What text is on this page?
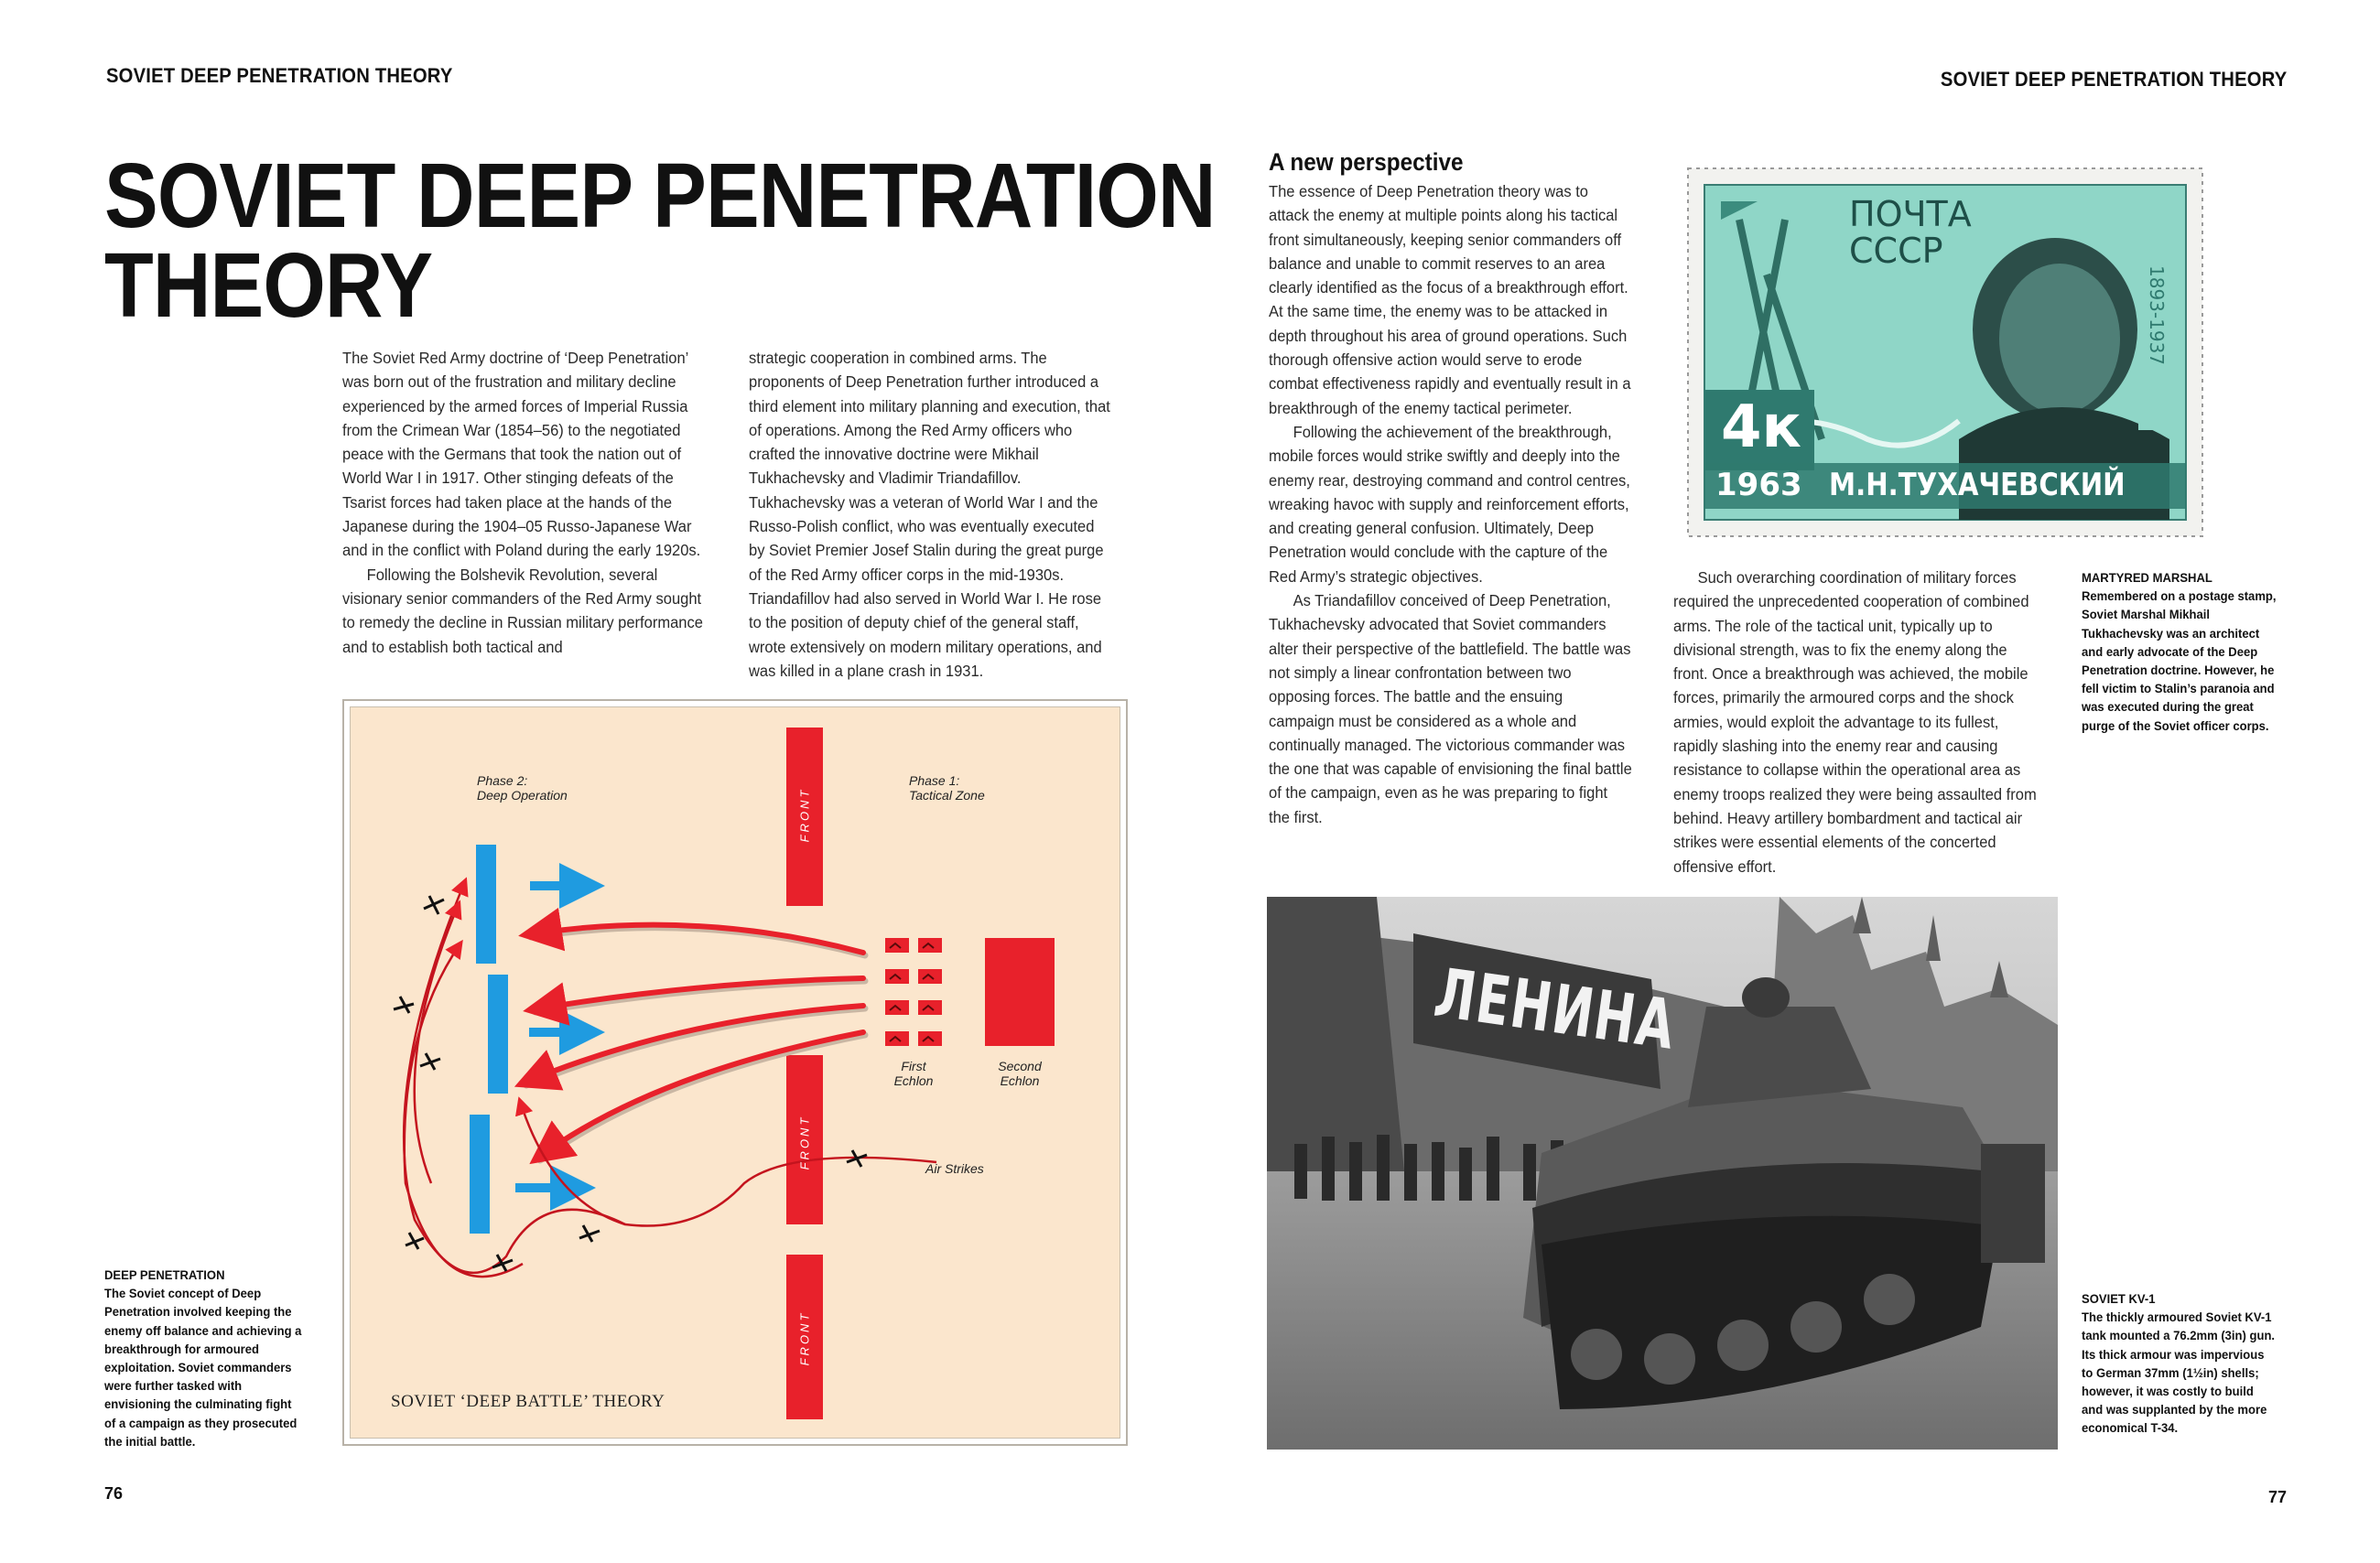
SOVIET DEEP PENETRATION THEORY	SOVIET DEEP PENETRATION THEORY
SOVIET DEEP PENETRATION
THEORY

The Soviet Red Army doctrine of ‘Deep Penetration’ was born out of the frustration and military decline experienced by the armed forces of Imperial Russia from the Crimean War (1854–56) to the negotiated peace with the Germans that took the nation out of World War I in 1917. Other stinging defeats of the Tsarist forces had taken place at the hands of the Japanese during the 1904–05 Russo-Japanese War and in the conflict with Poland during the early 1920s.

Following the Bolshevik Revolution, several visionary senior commanders of the Red Army sought to remedy the decline in Russian military performance and to establish both tactical and

strategic cooperation in combined arms. The proponents of Deep Penetration further introduced a third element into military planning and execution, that of operations. Among the Red Army officers who crafted the innovative doctrine were Mikhail Tukhachevsky and Vladimir Triandafillov. Tukhachevsky was a veteran of World War I and the Russo-Polish conflict, who was eventually executed by Soviet Premier Josef Stalin during the great purge of the Red Army officer corps in the mid-1930s. Triandafillov had also served in World War I. He rose to the position of deputy chief of the general staff, wrote extensively on modern military operations, and was killed in a plane crash in 1931.

Phase 2:
Deep Operation
Phase 1:
Tactical Zone
FRONT
FRONT
FRONT
First
Echlon
Second
Echlon
Air Strikes
SOVIET ‘DEEP BATTLE’ THEORY
DEEP PENETRATION
The Soviet concept of Deep Penetration involved keeping the enemy off balance and achieving a breakthrough for armoured exploitation. Soviet commanders were further tasked with envisioning the culminating fight of a campaign as they prosecuted the initial battle.
76	77
A new perspective

The essence of Deep Penetration theory was to attack the enemy at multiple points along his tactical front simultaneously, keeping senior commanders off balance and unable to commit reserves to an area clearly identified as the focus of a breakthrough effort. At the same time, the enemy was to be attacked in depth throughout his area of ground operations. Such thorough offensive action would serve to erode combat effectiveness rapidly and eventually result in a breakthrough of the enemy tactical perimeter.

Following the achievement of the breakthrough, mobile forces would strike swiftly and deeply into the enemy rear, destroying command and control centres, wreaking havoc with supply and reinforcement efforts, and creating general confusion. Ultimately, Deep Penetration would conclude with the capture of the Red Army’s strategic objectives.

As Triandafillov conceived of Deep Penetration, Tukhachevsky advocated that Soviet commanders alter their perspective of the battlefield. The battle was not simply a linear confrontation between two opposing forces. The battle and the ensuing campaign must be considered as a whole and continually managed. The victorious commander was the one that was capable of envisioning the final battle of the campaign, even as he was preparing to fight the first.

ПОЧТА
СССР
1893-1937
4к
1963 М.Н.ТУХАЧЕВСКИЙ

Such overarching coordination of military forces required the unprecedented cooperation of combined arms. The role of the tactical unit, typically up to divisional strength, was to fix the enemy along the front. Once a breakthrough was achieved, the mobile forces, primarily the armoured corps and the shock armies, would exploit the advantage to its fullest, rapidly slashing into the enemy rear and causing resistance to collapse within the operational area as enemy troops realized they were being assaulted from behind. Heavy artillery bombardment and tactical air strikes were essential elements of the concerted offensive effort.

MARTYRED MARSHAL
Remembered on a postage stamp, Soviet Marshal Mikhail Tukhachevsky was an architect and early advocate of the Deep Penetration doctrine. However, he fell victim to Stalin’s paranoia and was executed during the great purge of the Soviet officer corps.
ЛЕНИНА
SOVIET KV-1
The thickly armoured Soviet KV-1 tank mounted a 76.2mm (3in) gun. Its thick armour was impervious to German 37mm (1½in) shells; however, it was costly to build and was supplanted by the more economical T-34.
